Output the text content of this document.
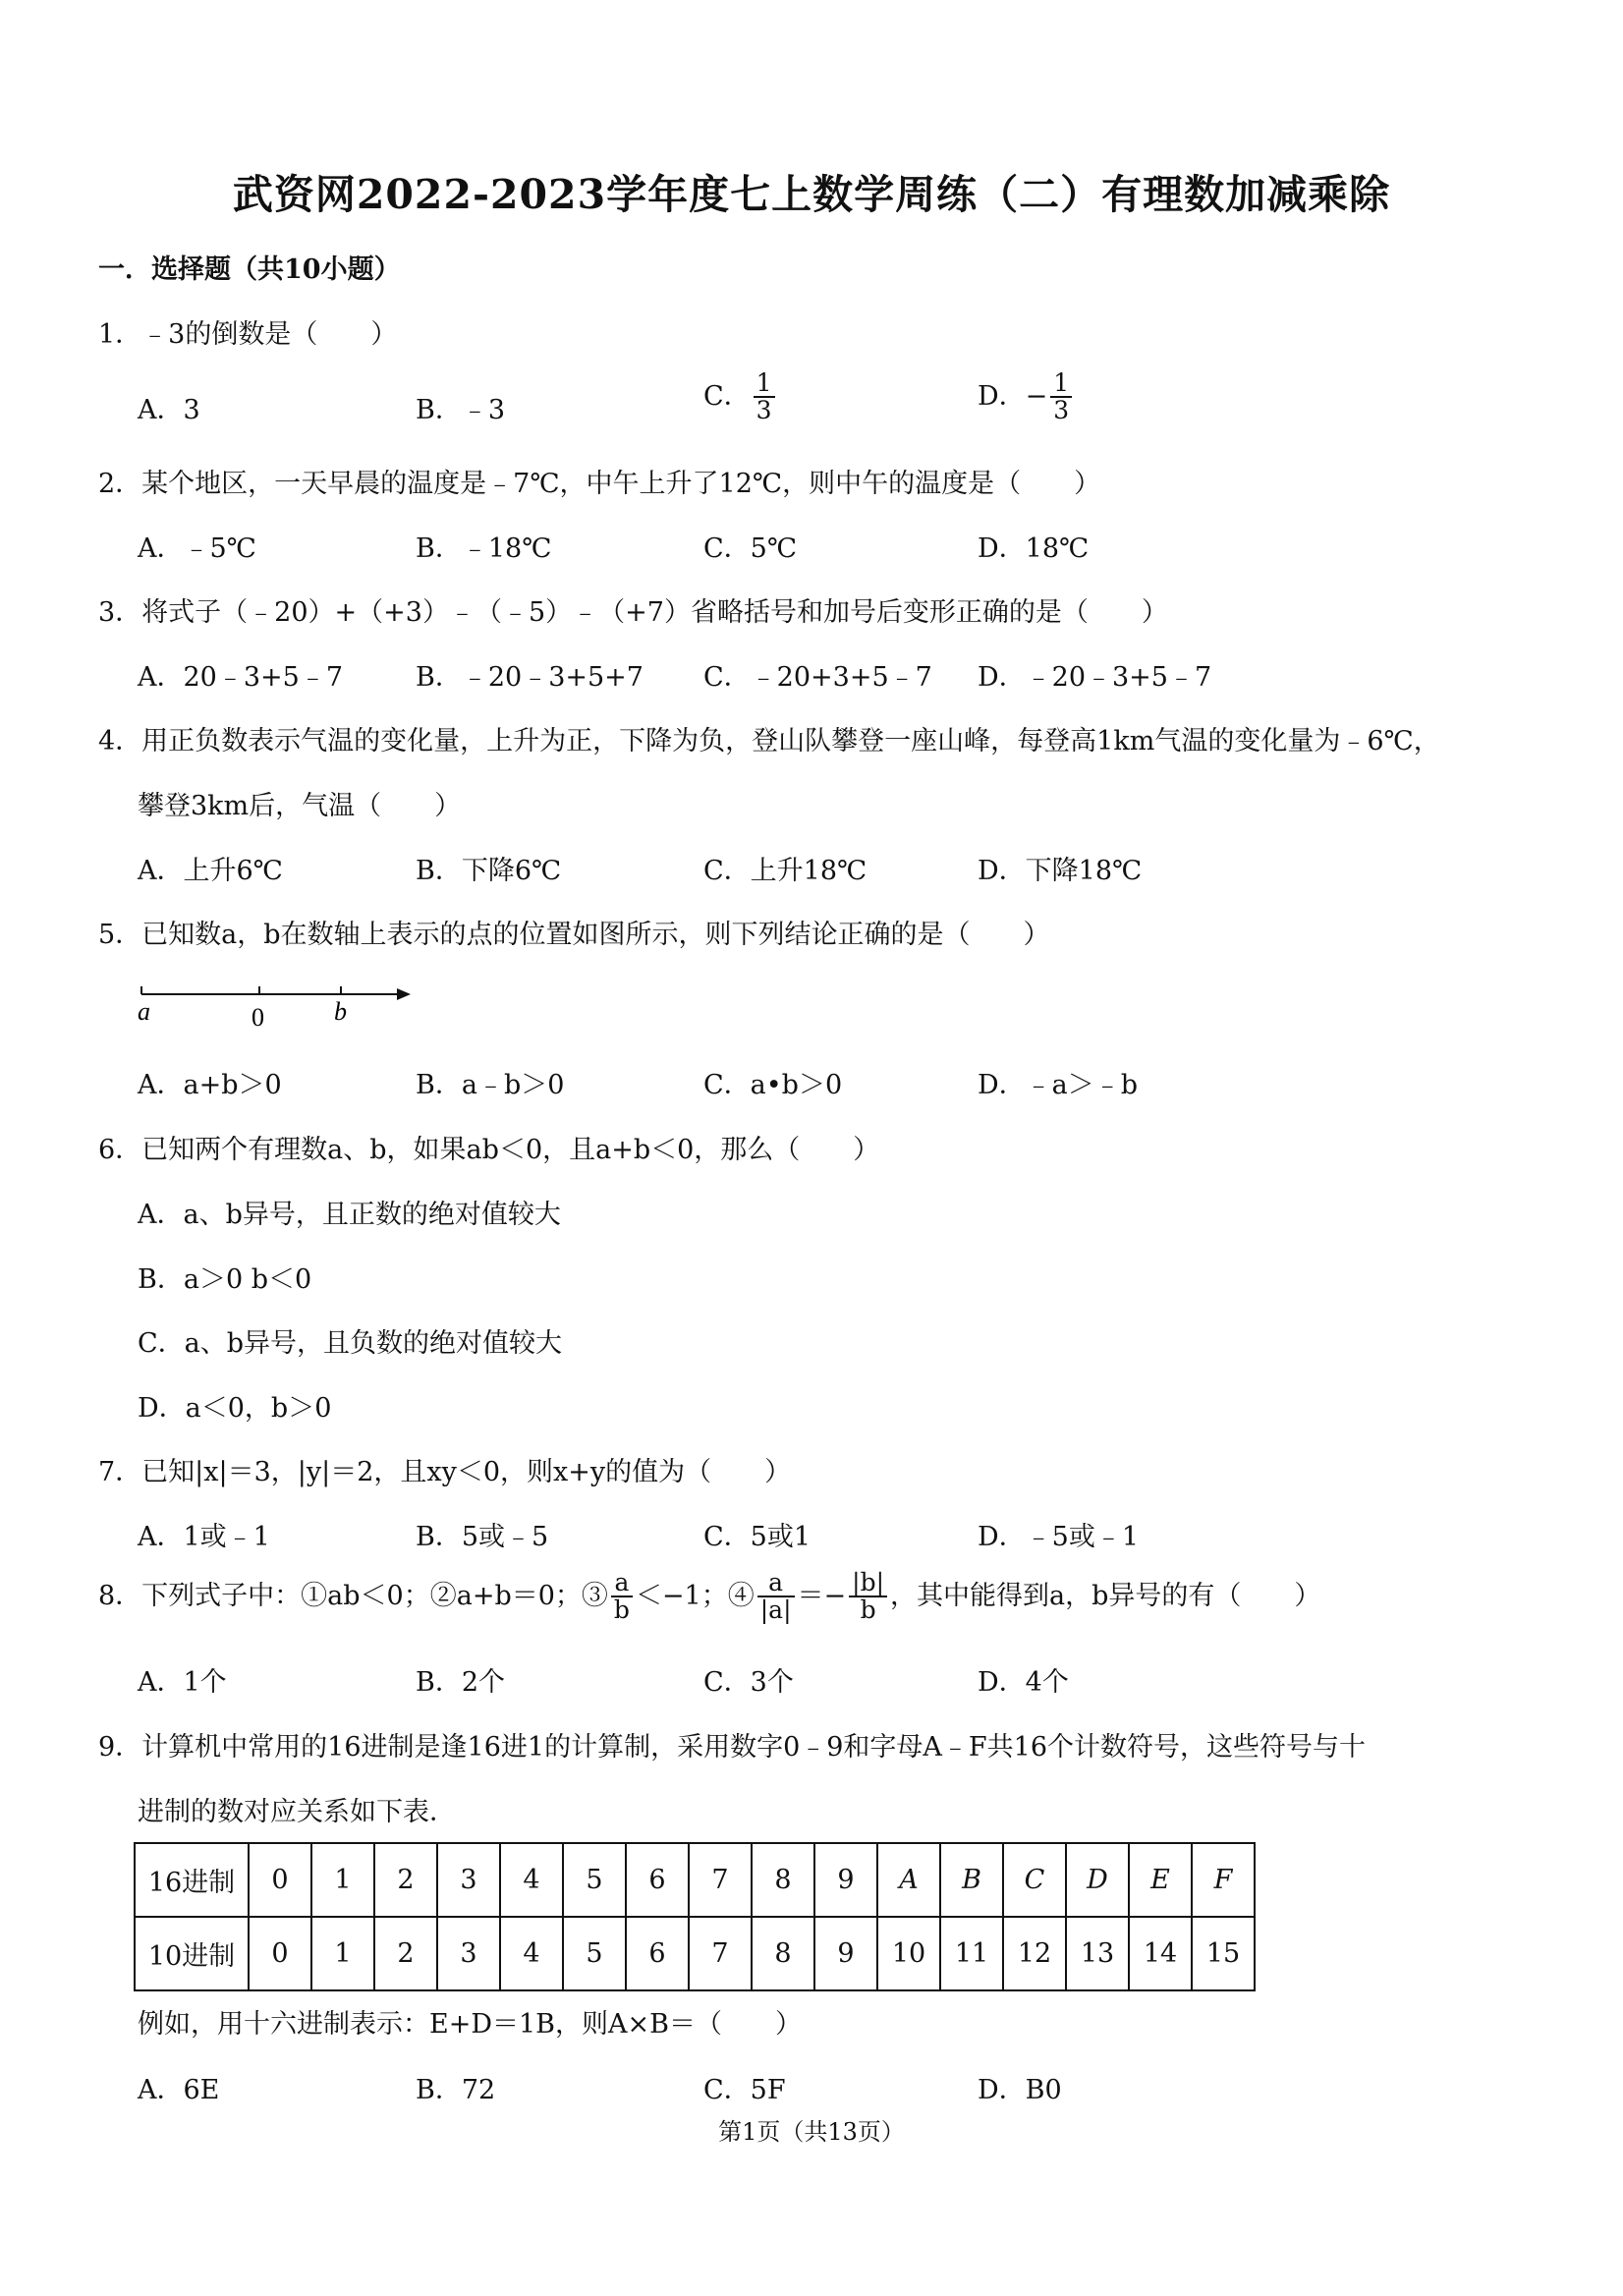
武资网2022-2023学年度七上数学周练（二）有理数加减乘除
一．选择题（共10小题）
1．﹣3的倒数是（　　）
A．3	B．﹣3	C． $\frac{1}{3}$	D．− $\frac{1}{3}$
2．某个地区，一天早晨的温度是﹣7℃，中午上升了12℃，则中午的温度是（　　）
A．﹣5℃	B．﹣18℃	C．5℃	D．18℃
3．将式子（﹣20）+（+3）﹣（﹣5）﹣（+7）省略括号和加号后变形正确的是（　　）
A．20﹣3+5﹣7	B．﹣20﹣3+5+7 C．﹣20+3+5﹣7 D．﹣20﹣3+5﹣7
4．用正负数表示气温的变化量，上升为正，下降为负，登山队攀登一座山峰，每登高1km气温的变化量为﹣6℃，
攀登3km后，气温（　　）
A．上升6℃	B．下降6℃	C．上升18℃	D．下降18℃
5．已知数a，b在数轴上表示的点的位置如图所示，则下列结论正确的是（　　）
a	0	b
A．a+b＞0	B．a﹣b＞0	C．a•b＞0	D．﹣a＞﹣b
6．已知两个有理数a、b，如果ab＜0，且a+b＜0，那么（　　）
A．a、b异号，且正数的绝对值较大
B．a＞0 b＜0
C．a、b异号，且负数的绝对值较大
D．a＜0，b＞0
7．已知|x|＝3，|y|＝2，且xy＜0，则x+y的值为（　　）
A．1或﹣1	B．5或﹣5	C．5或1	D．﹣5或﹣1
8．下列式子中：①ab＜0；②a+b＝0；③ $\frac{a}{b} <-1$；④ $\frac{a}{|a|} =- \frac{|b|}{b}$ ，其中能得到a，b异号的有（　　）
A．1个	B．2个	C．3个	D．4个
9．计算机中常用的16进制是逢16进1的计算制，采用数字0﹣9和字母A﹣F共16个计数符号，这些符号与十
进制的数对应关系如下表．
16进制	0	1	2	3	4	5	6	7	8	9	A	B	C	D	E	F
10进制	0	1	2	3	4	5	6	7	8	9	10	11	12	13	14	15
例如，用十六进制表示：E+D＝1B，则A×B＝（　　）
A．6E	B．72	C．5F	D．B0
第1页（共13页）
